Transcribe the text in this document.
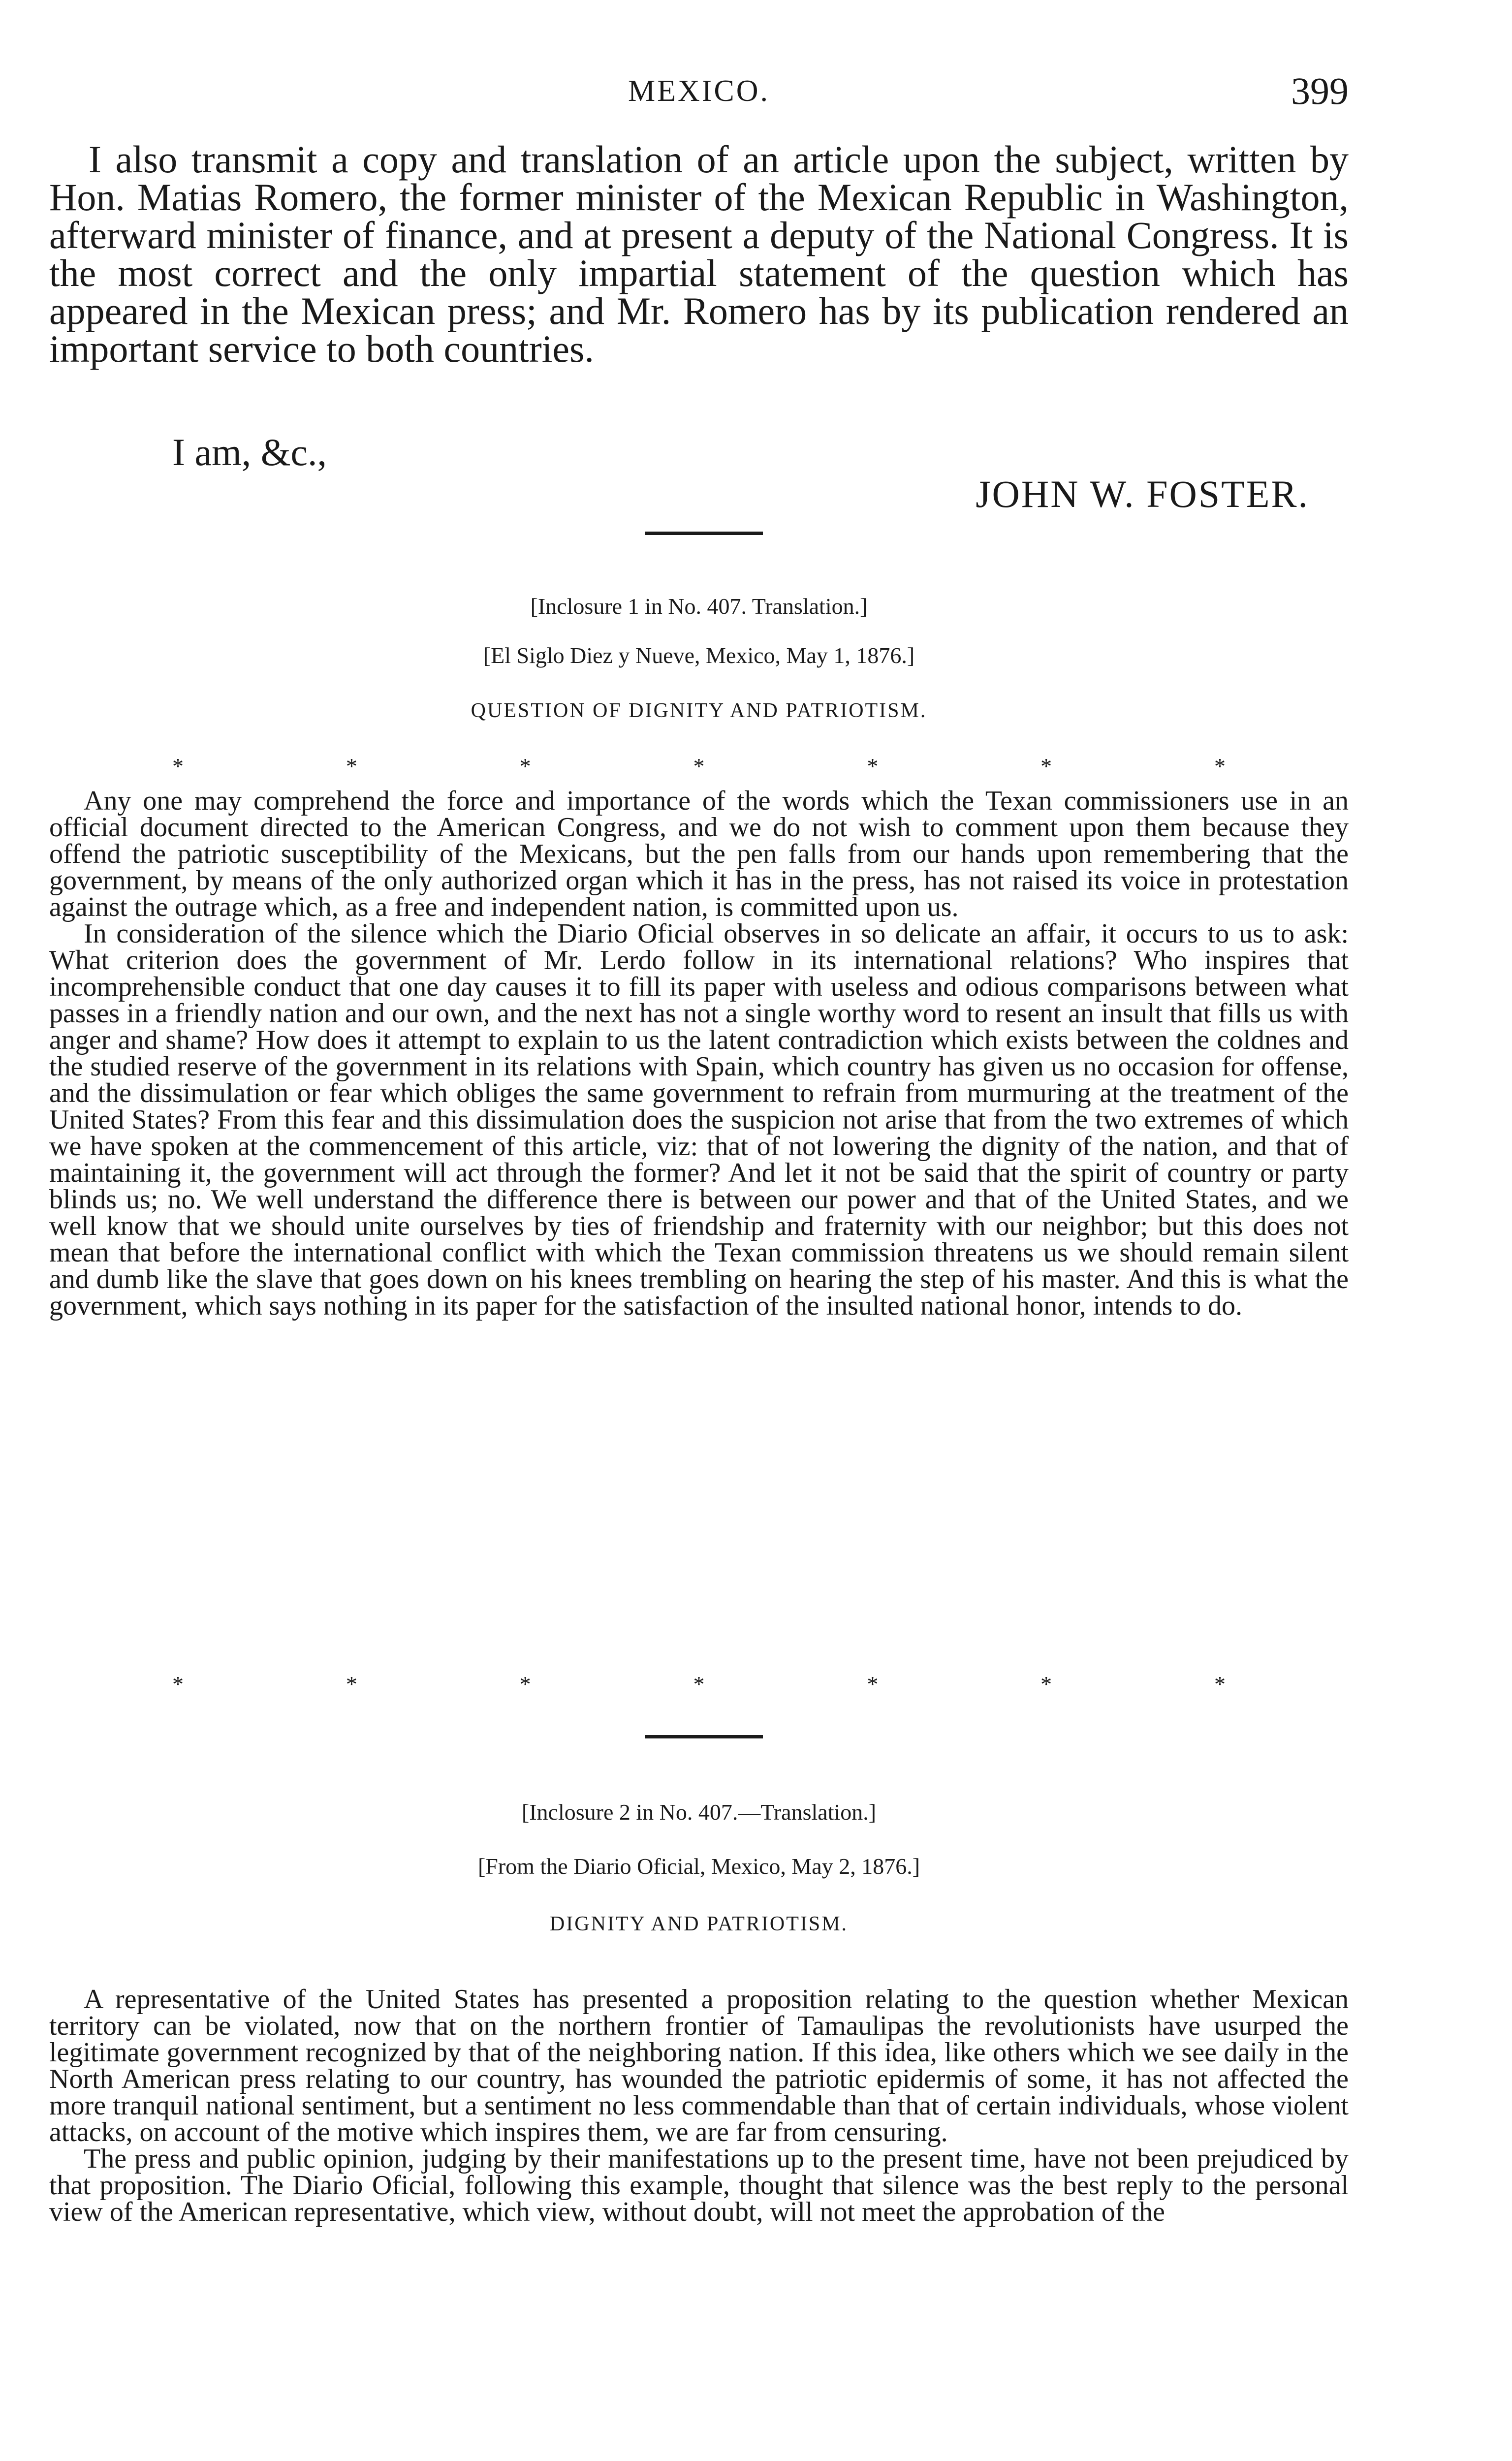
MEXICO.	399

I also transmit a copy and translation of an article upon the subject, written by Hon. Matias Romero, the former minister of the Mexican Republic in Washington, afterward minister of finance, and at present a deputy of the National Congress. It is the most correct and the only impartial statement of the question which has appeared in the Mexican press; and Mr. Romero has by its publication rendered an important service to both countries.

I am, &c.,
JOHN W. FOSTER.
[Inclosure 1 in No. 407. Translation.]
[El Siglo Diez y Nueve, Mexico, May 1, 1876.]
QUESTION OF DIGNITY AND PATRIOTISM.
*	*	*	*	*	*	*

Any one may comprehend the force and importance of the words which the Texan commissioners use in an official document directed to the American Congress, and we do not wish to comment upon them because they offend the patriotic susceptibility of the Mexicans, but the pen falls from our hands upon remembering that the government, by means of the only authorized organ which it has in the press, has not raised its voice in protestation against the outrage which, as a free and independent nation, is committed upon us.

In consideration of the silence which the Diario Oficial observes in so delicate an affair, it occurs to us to ask: What criterion does the government of Mr. Lerdo follow in its international relations? Who inspires that incomprehensible conduct that one day causes it to fill its paper with useless and odious comparisons between what passes in a friendly nation and our own, and the next has not a single worthy word to resent an insult that fills us with anger and shame? How does it attempt to explain to us the latent contradiction which exists between the coldnes and the studied reserve of the government in its relations with Spain, which country has given us no occasion for offense, and the dissimulation or fear which obliges the same government to refrain from murmuring at the treatment of the United States? From this fear and this dissimulation does the suspicion not arise that from the two extremes of which we have spoken at the commencement of this article, viz: that of not lowering the dignity of the nation, and that of maintaining it, the government will act through the former? And let it not be said that the spirit of country or party blinds us; no. We well understand the difference there is between our power and that of the United States, and we well know that we should unite ourselves by ties of friendship and fraternity with our neighbor; but this does not mean that before the international conflict with which the Texan commission threatens us we should remain silent and dumb like the slave that goes down on his knees trembling on hearing the step of his master. And this is what the government, which says nothing in its paper for the satisfaction of the insulted national honor, intends to do.

*	*	*	*	*	*	*
[Inclosure 2 in No. 407.—Translation.]
[From the Diario Oficial, Mexico, May 2, 1876.]
DIGNITY AND PATRIOTISM.

A representative of the United States has presented a proposition relating to the question whether Mexican territory can be violated, now that on the northern frontier of Tamaulipas the revolutionists have usurped the legitimate government recognized by that of the neighboring nation. If this idea, like others which we see daily in the North American press relating to our country, has wounded the patriotic epidermis of some, it has not affected the more tranquil national sentiment, but a sentiment no less commendable than that of certain individuals, whose violent attacks, on account of the motive which inspires them, we are far from censuring.

The press and public opinion, judging by their manifestations up to the present time, have not been prejudiced by that proposition. The Diario Oficial, following this example, thought that silence was the best reply to the personal view of the American representative, which view, without doubt, will not meet the approbation of the
